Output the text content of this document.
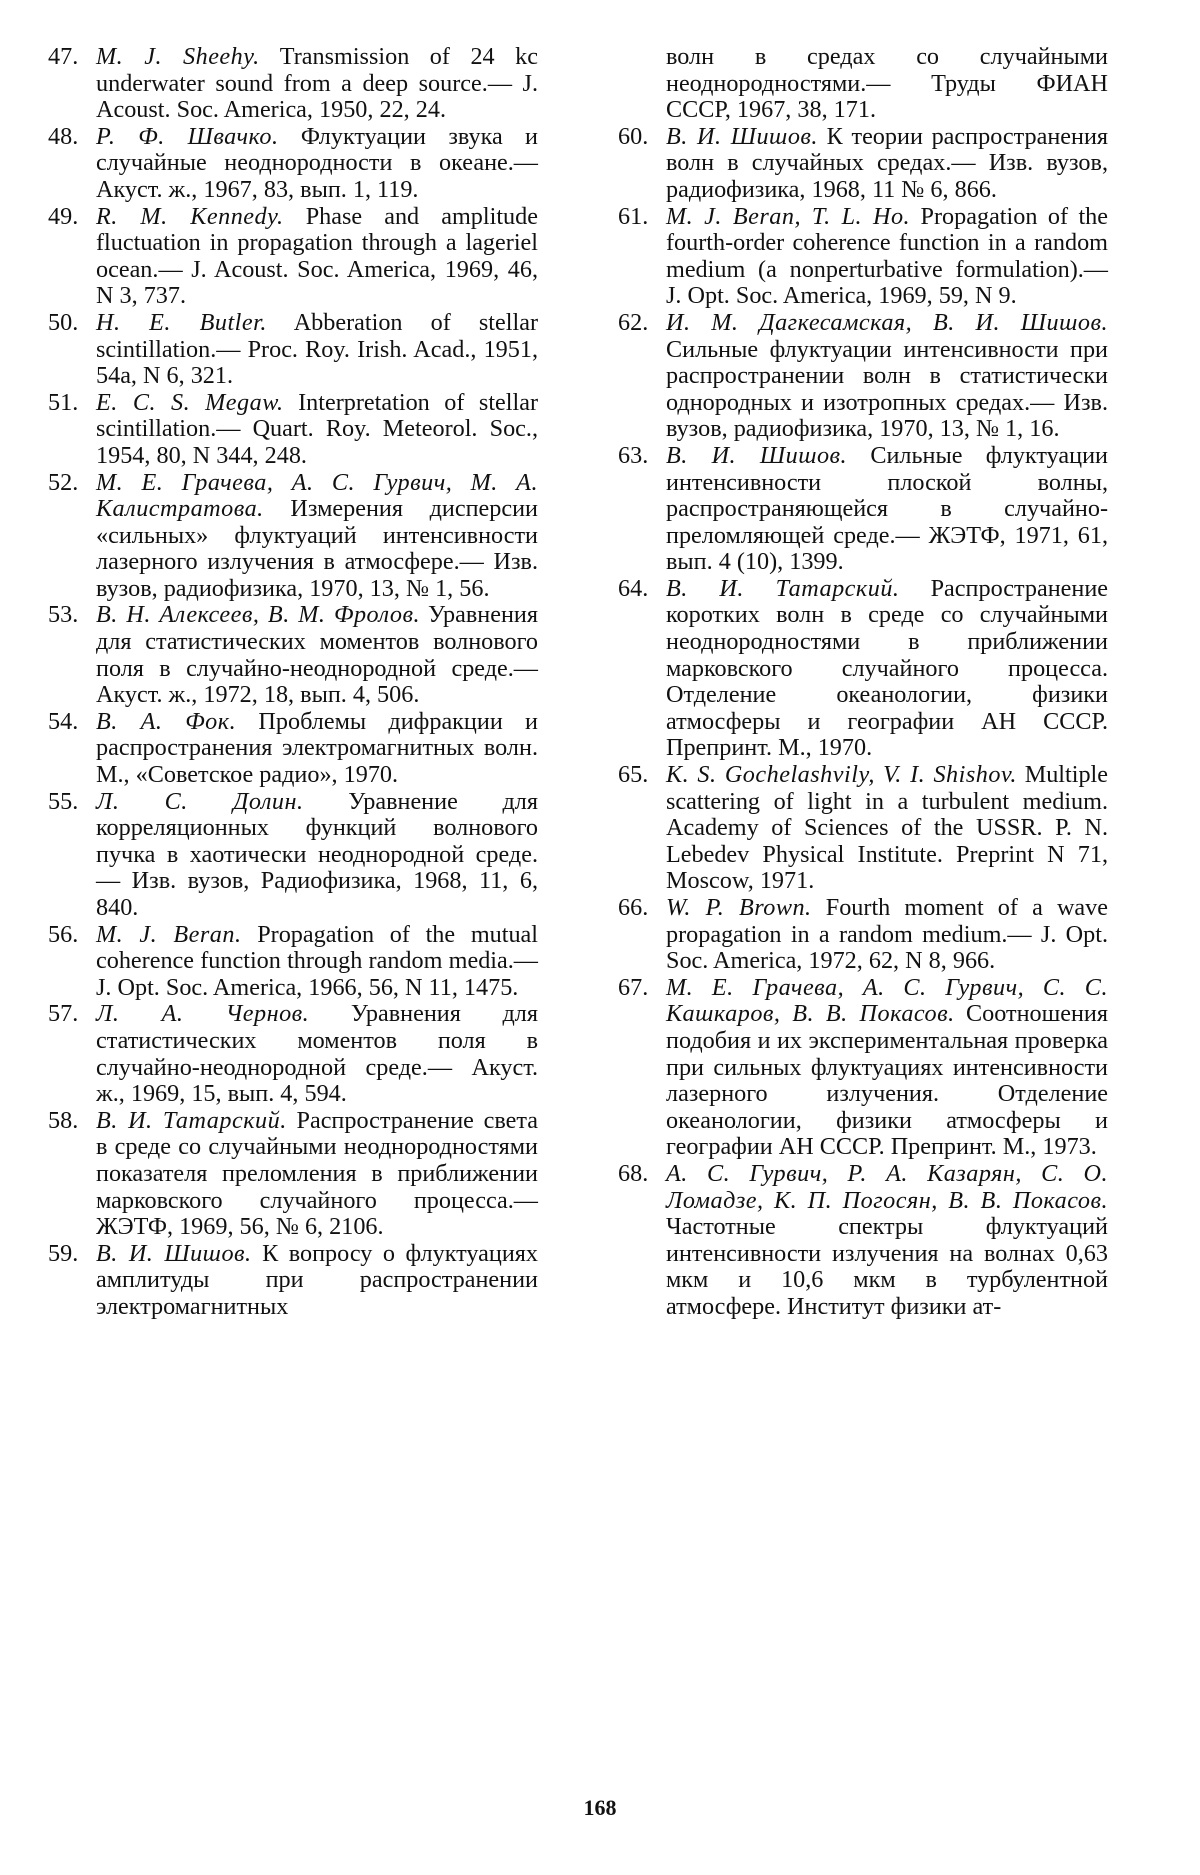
47. M. J. Sheehy. Transmission of 24 kc underwater sound from a deep source.— J. Acoust. Soc. America, 1950, 22, 24.

48. Р. Ф. Швачко. Флуктуации звука и случайные неоднородности в океане.— Акуст. ж., 1967, 83, вып. 1, 119.

49. R. M. Kennedy. Phase and amplitude fluctuation in propagation through a lageriel ocean.— J. Acoust. Soc. America, 1969, 46, N 3, 737.

50. H. E. Butler. Abberation of stellar scintillation.— Proc. Roy. Irish. Acad., 1951, 54a, N 6, 321.

51. E. C. S. Megaw. Interpretation of stellar scintillation.— Quart. Roy. Meteorol. Soc., 1954, 80, N 344, 248.

52. М. Е. Грачева, А. С. Гурвич, М. А. Калистратова. Измерения дисперсии «сильных» флуктуаций интенсивности лазерного излучения в атмосфере.— Изв. вузов, радиофизика, 1970, 13, № 1, 56.

53. В. Н. Алексеев, В. М. Фролов. Уравнения для статистических моментов волнового поля в случайно-неоднородной среде.— Акуст. ж., 1972, 18, вып. 4, 506.

54. В. А. Фок. Проблемы дифракции и распространения электромагнитных волн. М., «Советское радио», 1970.

55. Л. С. Долин. Уравнение для корреляционных функций волнового пучка в хаотически неоднородной среде.— Изв. вузов, Радиофизика, 1968, 11, 6, 840.

56. M. J. Beran. Propagation of the mutual coherence function through random media.— J. Opt. Soc. America, 1966, 56, N 11, 1475.

57. Л. А. Чернов. Уравнения для статистических моментов поля в случайно-неоднородной среде.— Акуст. ж., 1969, 15, вып. 4, 594.

58. В. И. Татарский. Распространение света в среде со случайными неоднородностями показателя преломления в приближении марковского случайного процесса.— ЖЭТФ, 1969, 56, № 6, 2106.

59. В. И. Шишов. К вопросу о флуктуациях амплитуды при распространении электромагнитных

волн в средах со случайными неоднородностями.— Труды ФИАН СССР, 1967, 38, 171.

60. В. И. Шишов. К теории распространения волн в случайных средах.— Изв. вузов, радиофизика, 1968, 11 № 6, 866.

61. M. J. Beran, T. L. Ho. Propagation of the fourth-order coherence function in a random medium (a nonperturbative formulation).— J. Opt. Soc. America, 1969, 59, N 9.

62. И. М. Дагкесамская, В. И. Шишов. Сильные флуктуации интенсивности при распространении волн в статистически однородных и изотропных средах.— Изв. вузов, радиофизика, 1970, 13, № 1, 16.

63. В. И. Шишов. Сильные флуктуации интенсивности плоской волны, распространяющейся в случайно-преломляющей среде.— ЖЭТФ, 1971, 61, вып. 4 (10), 1399.

64. В. И. Татарский. Распространение коротких волн в среде со случайными неоднородностями в приближении марковского случайного процесса. Отделение океанологии, физики атмосферы и географии АН СССР. Препринт. М., 1970.

65. K. S. Gochelashvily, V. I. Shishov. Multiple scattering of light in a turbulent medium. Academy of Sciences of the USSR. P. N. Lebedev Physical Institute. Preprint N 71, Moscow, 1971.

66. W. P. Brown. Fourth moment of a wave propagation in a random medium.— J. Opt. Soc. America, 1972, 62, N 8, 966.

67. М. Е. Грачева, А. С. Гурвич, С. С. Кашкаров, В. В. Покасов. Соотношения подобия и их экспериментальная проверка при сильных флуктуациях интенсивности лазерного излучения. Отделение океанологии, физики атмосферы и географии АН СССР. Препринт. М., 1973.

68. А. С. Гурвич, Р. А. Казарян, С. О. Ломадзе, К. П. Погосян, В. В. Покасов. Частотные спектры флуктуаций интенсивности излучения на волнах 0,63 мкм и 10,6 мкм в турбулентной атмосфере. Институт физики ат-

168
